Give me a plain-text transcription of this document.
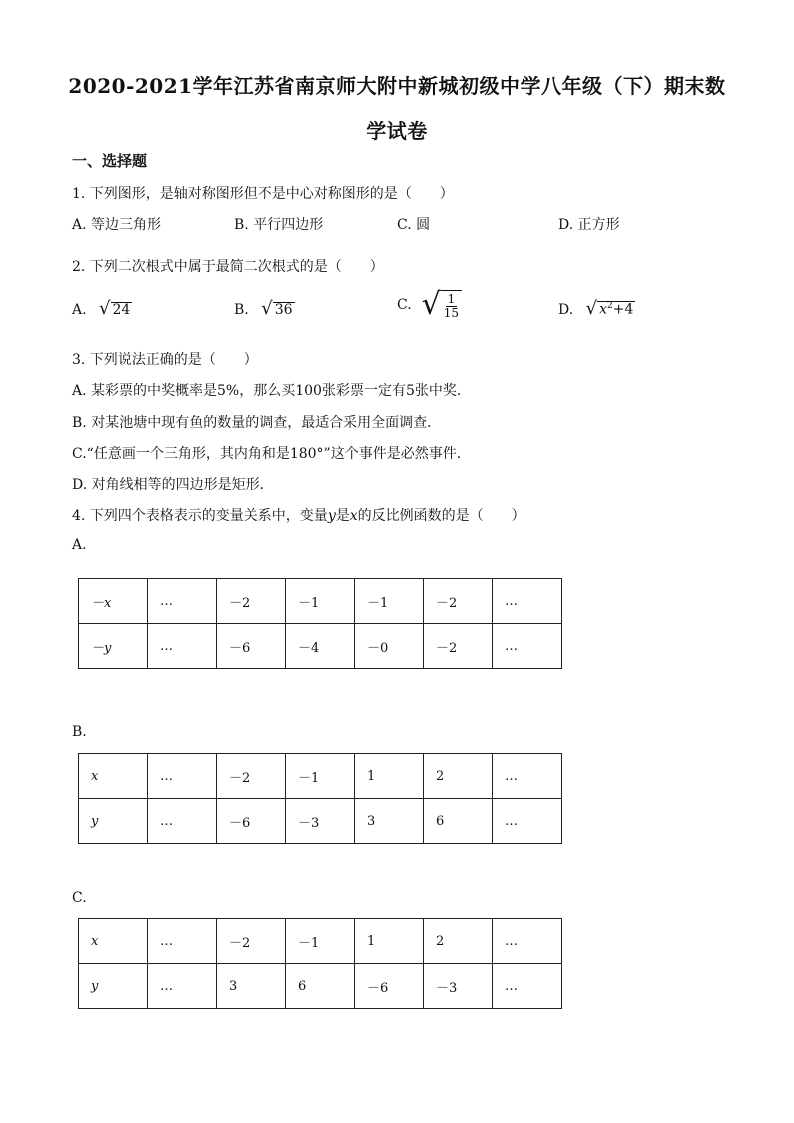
2020-2021学年江苏省南京师大附中新城初级中学八年级（下）期末数
学试卷
一、选择题
1. 下列图形，是轴对称图形但不是中心对称图形的是（　　）
A. 等边三角形	B. 平行四边形	C. 圆	D. 正方形
2. 下列二次根式中属于最简二次根式的是（　　）
A. √ 24	B. √ 36	C. √ $\frac{1}{15}$	D. √ $x^2+4$
3. 下列说法正确的是（　　）
A. 某彩票的中奖概率是5%，那么买100张彩票一定有5张中奖．
B. 对某池塘中现有鱼的数量的调查，最适合采用全面调查．
C.“任意画一个三角形，其内角和是180°”这个事件是必然事件．
D. 对角线相等的四边形是矩形．
4. 下列四个表格表示的变量关系中，变量y是x的反比例函数的是（　　）
A.
－x	…	－2	－1	－1	－2	…
－y	…	－6	－4	－0	－2	…
B.
x	…	－2	－1	1	2	…
y	…	－6	－3	3	6	…
C.
x	…	－2	－1	1	2	…
y	…	3	6	－6	－3	…
